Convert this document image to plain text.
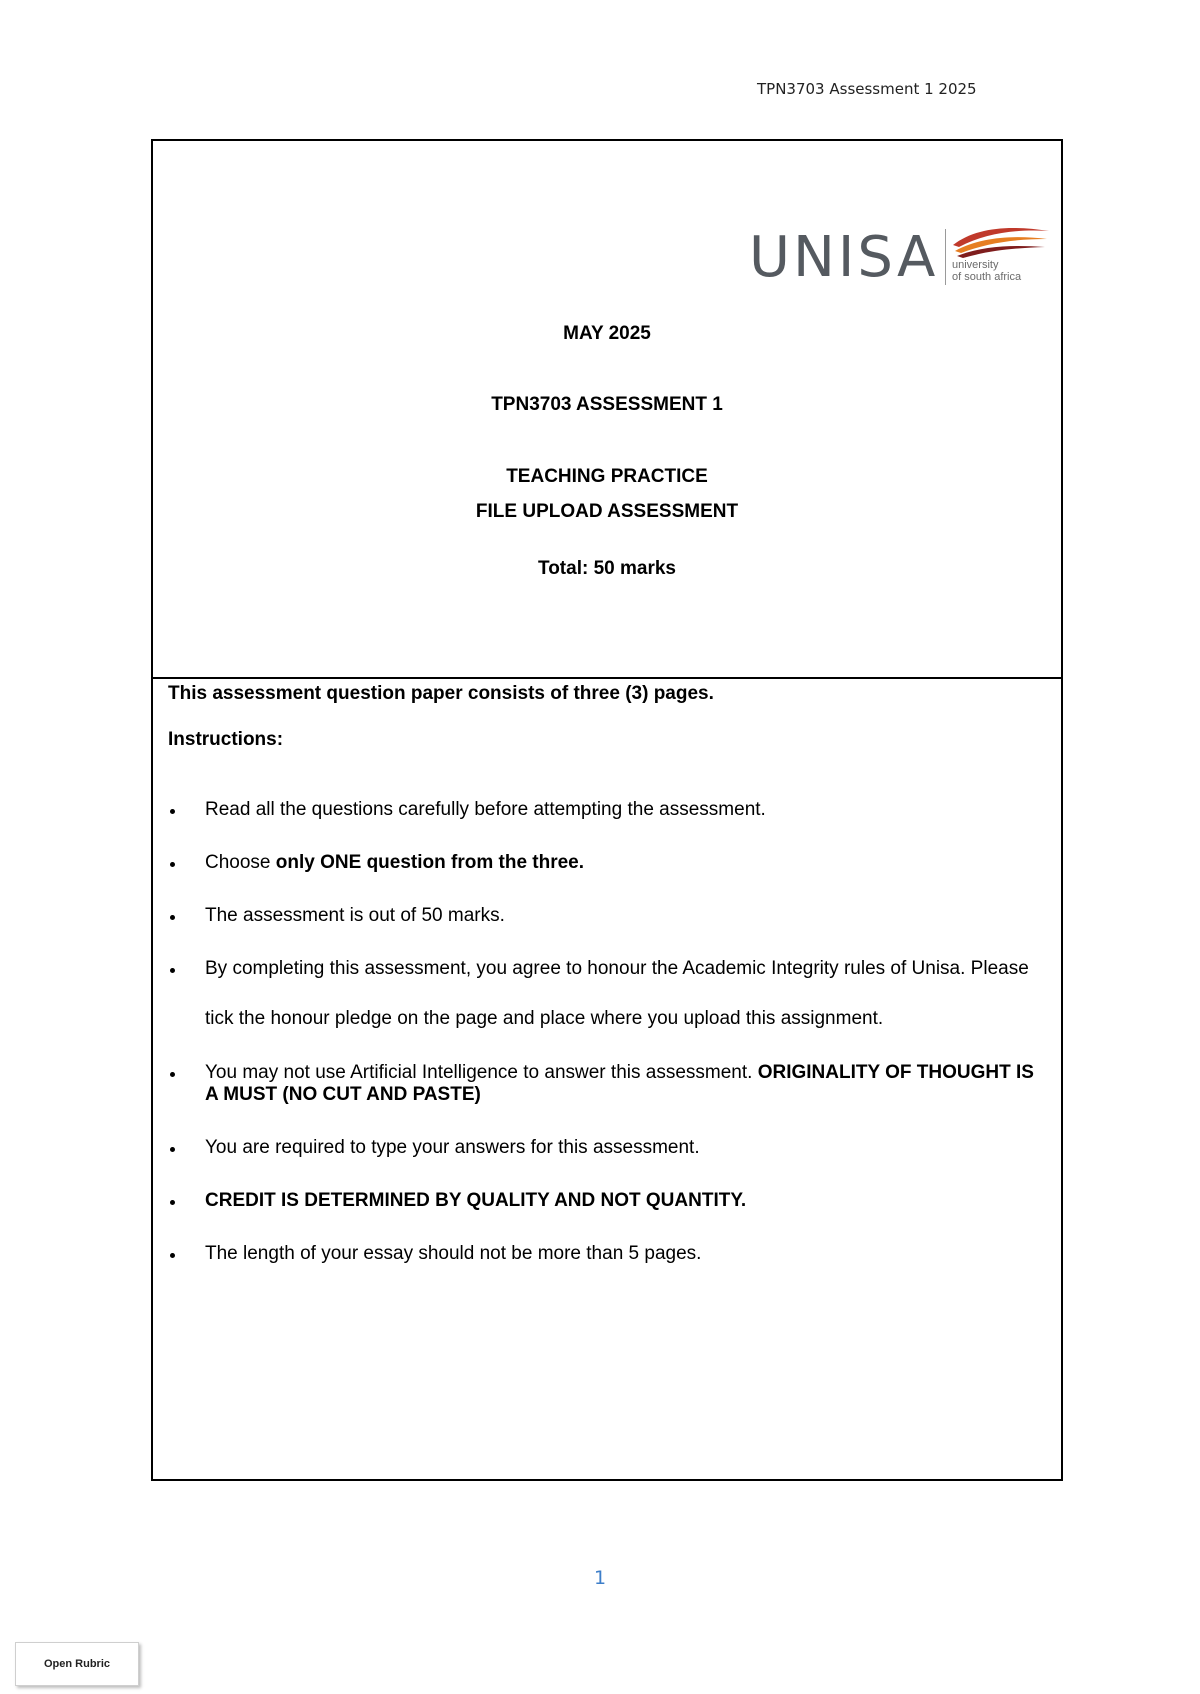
TPN3703 Assessment 1 2025
UNISA university
of south africa
MAY 2025
TPN3703 ASSESSMENT 1
TEACHING PRACTICE
FILE UPLOAD ASSESSMENT
Total: 50 marks
This assessment question paper consists of three (3) pages.
Instructions:
Read all the questions carefully before attempting the assessment.
Choose only ONE question from the three.
The assessment is out of 50 marks.
By completing this assessment, you agree to honour the Academic Integrity rules of Unisa. Please tick the honour pledge on the page and place where you upload this assignment.
You may not use Artificial Intelligence to answer this assessment. ORIGINALITY OF THOUGHT IS A MUST (NO CUT AND PASTE)
You are required to type your answers for this assessment.
CREDIT IS DETERMINED BY QUALITY AND NOT QUANTITY.
The length of your essay should not be more than 5 pages.
1
Open Rubric
